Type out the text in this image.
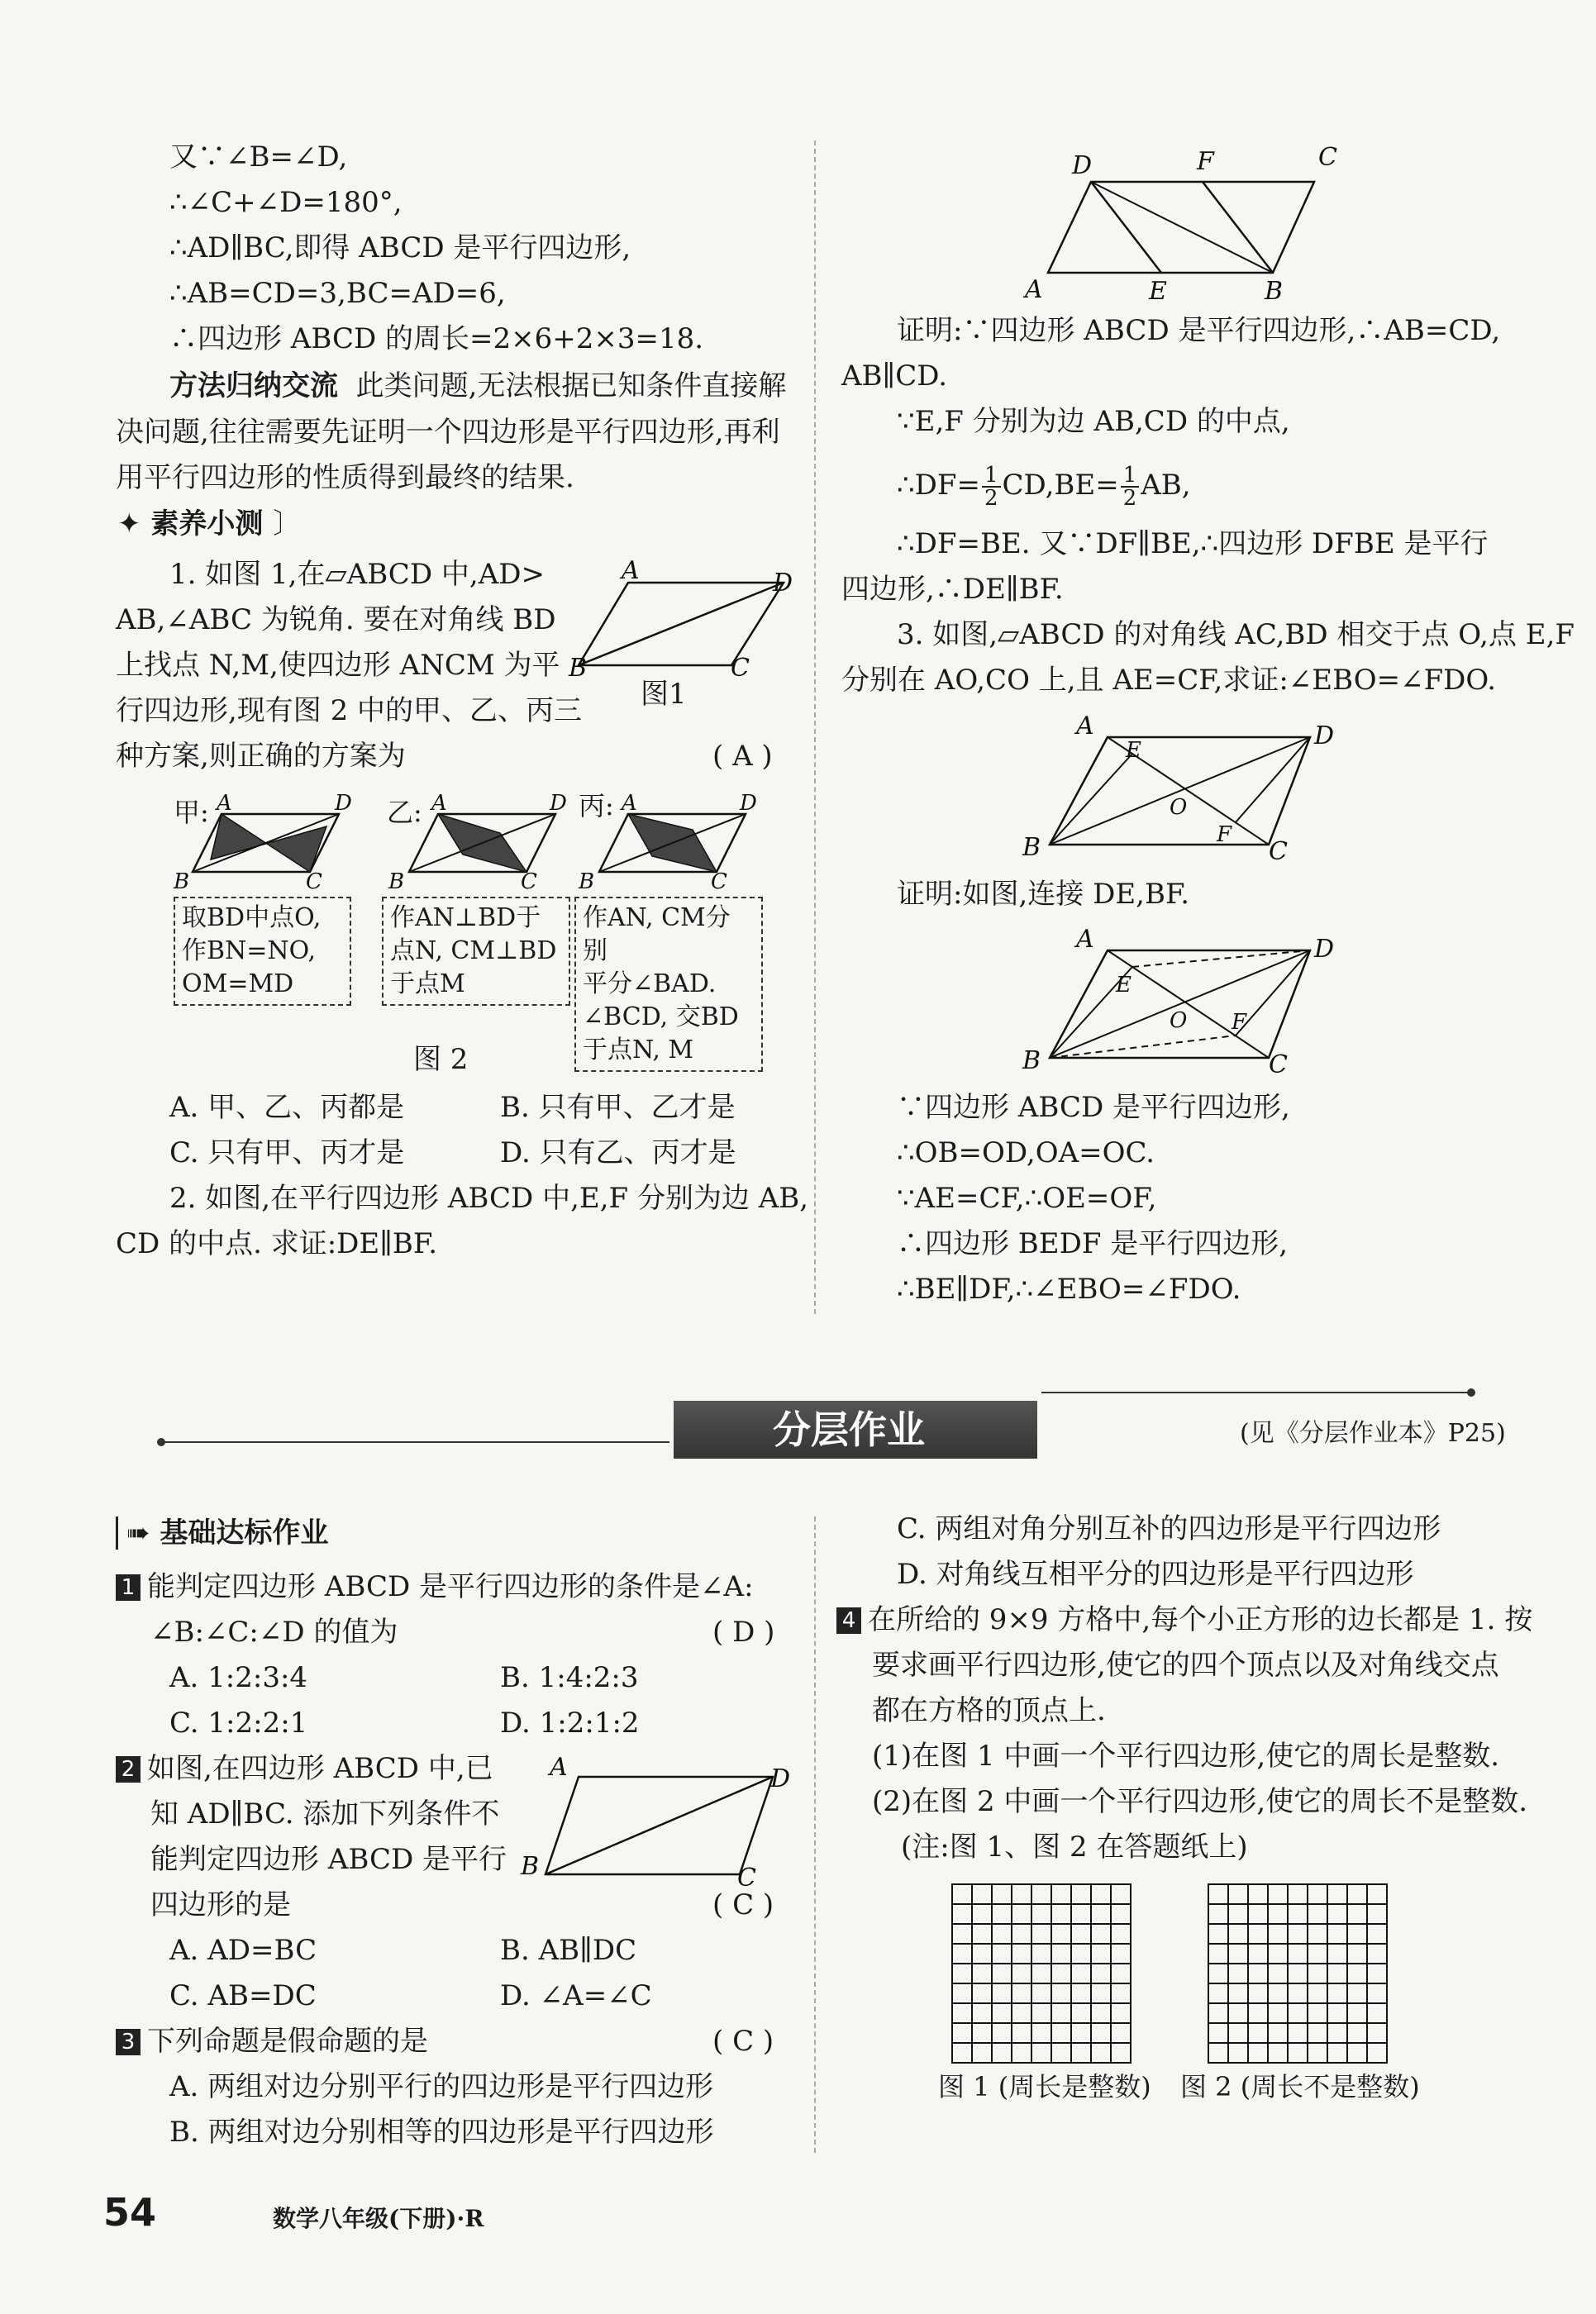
又∵∠B=∠D,
∴∠C+∠D=180°,
∴AD∥BC,即得 ABCD 是平行四边形,
∴AB=CD=3,BC=AD=6,
∴四边形 ABCD 的周长=2×6+2×3=18.
方法归纳交流 此类问题,无法根据已知条件直接解
决问题,往往需要先证明一个四边形是平行四边形,再利
用平行四边形的性质得到最终的结果.
✦ 素养小测 〕
1. 如图 1,在▱ABCD 中,AD>
AB,∠ABC 为锐角. 要在对角线 BD
上找点 N,M,使四边形 ANCM 为平
行四边形,现有图 2 中的甲、乙、丙三
种方案,则正确的方案为	( A )
A	D
B	C
A	D
B	C
A	D
B	C
A	D
B	C
D	F	C
A	E	B
A	D
E
O
F
B	C
A	D
E
O F
B	C
A	D
B	C
图1
甲:	乙:	丙:
取BD中点O,
作BN=NO,
OM=MD
作AN⊥BD于
点N, CM⊥BD
于点M
作AN, CM分别
平分∠BAD.
∠BCD, 交BD
于点N, M
图 2
A. 甲、乙、丙都是	B. 只有甲、乙才是
C. 只有甲、丙才是	D. 只有乙、丙才是
2. 如图,在平行四边形 ABCD 中,E,F 分别为边 AB,
CD 的中点. 求证:DE∥BF.
证明:∵四边形 ABCD 是平行四边形,∴AB=CD,
AB∥CD.
∵E,F 分别为边 AB,CD 的中点,
∴DF= $\frac{1}{2} CD,BE= \frac{1}{2}$ AB,
∴DF=BE. 又∵DF∥BE,∴四边形 DFBE 是平行
四边形,∴DE∥BF.
3. 如图,▱ABCD 的对角线 AC,BD 相交于点 O,点 E,F
分别在 AO,CO 上,且 AE=CF,求证:∠EBO=∠FDO.
证明:如图,连接 DE,BF.
∵四边形 ABCD 是平行四边形,
∴OB=OD,OA=OC.
∵AE=CF,∴OE=OF,
∴四边形 BEDF 是平行四边形,
∴BE∥DF,∴∠EBO=∠FDO.
分层作业	(见《分层作业本》P25)
➠ 基础达标作业
1 能判定四边形 ABCD 是平行四边形的条件是∠A:
∠B:∠C:∠D 的值为	( D )
A. 1:2:3:4	B. 1:4:2:3
C. 1:2:2:1	D. 1:2:1:2
2 如图,在四边形 ABCD 中,已
知 AD∥BC. 添加下列条件不
能判定四边形 ABCD 是平行
四边形的是	( C )
A. AD=BC	B. AB∥DC
C. AB=DC	D. ∠A=∠C
3 下列命题是假命题的是	( C )
A. 两组对边分别平行的四边形是平行四边形
B. 两组对边分别相等的四边形是平行四边形
C. 两组对角分别互补的四边形是平行四边形
D. 对角线互相平分的四边形是平行四边形
4 在所给的 9×9 方格中,每个小正方形的边长都是 1. 按
要求画平行四边形,使它的四个顶点以及对角线交点
都在方格的顶点上.
(1)在图 1 中画一个平行四边形,使它的周长是整数.
(2)在图 2 中画一个平行四边形,使它的周长不是整数.
(注:图 1、图 2 在答题纸上)
图 1 (周长是整数) 图 2 (周长不是整数)
54	数学八年级(下册)·R
